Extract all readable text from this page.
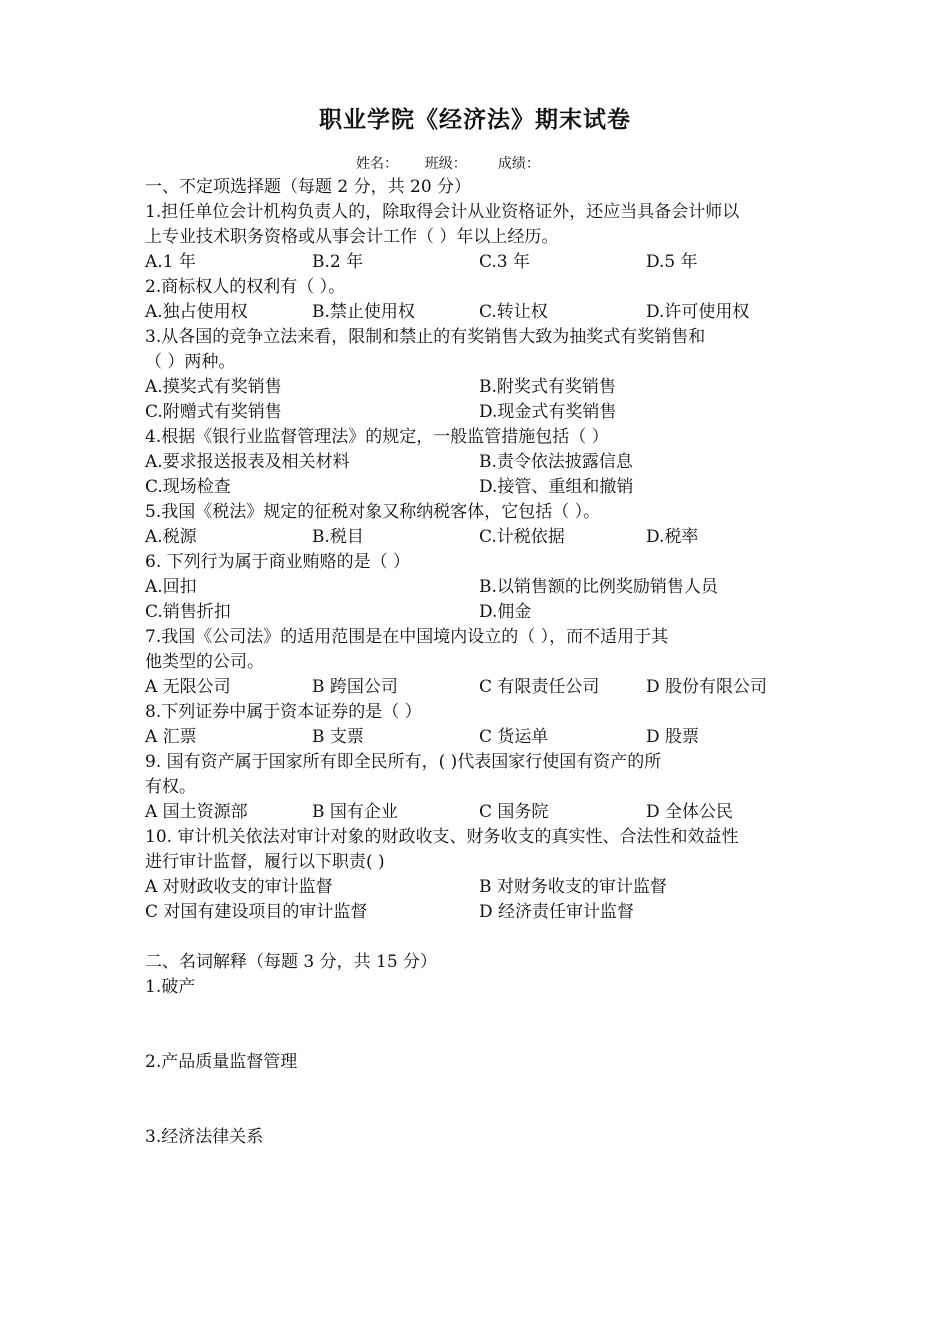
职业学院《经济法》期末试卷
姓名：      班级：       成绩：
一、不定项选择题（每题 2 分，共 20 分）
1.担任单位会计机构负责人的，除取得会计从业资格证外，还应当具备会计师以
上专业技术职务资格或从事会计工作（ ）年以上经历。
A.1 年	B.2 年	C.3 年	D.5 年
2.商标权人的权利有（ ）。
A.独占使用权	B.禁止使用权	C.转让权	D.许可使用权
3.从各国的竞争立法来看，限制和禁止的有奖销售大致为抽奖式有奖销售和
（ ）两种。
A.摸奖式有奖销售	B.附奖式有奖销售
C.附赠式有奖销售	D.现金式有奖销售
4.根据《银行业监督管理法》的规定，一般监管措施包括（ ）
A.要求报送报表及相关材料	B.责令依法披露信息
C.现场检查	D.接管、重组和撤销
5.我国《税法》规定的征税对象又称纳税客体，它包括（ ）。
A.税源	B.税目	C.计税依据	D.税率
6. 下列行为属于商业贿赂的是（ ）
A.回扣	B.以销售额的比例奖励销售人员
C.销售折扣	D.佣金
7.我国《公司法》的适用范围是在中国境内设立的（ ），而不适用于其
他类型的公司。
A 无限公司	B 跨国公司	C 有限责任公司	D 股份有限公司
8.下列证券中属于资本证券的是（ ）
A 汇票	B 支票	C 货运单	D 股票
9. 国有资产属于国家所有即全民所有，( )代表国家行使国有资产的所
有权。
A 国土资源部	B 国有企业	C 国务院	D 全体公民
10. 审计机关依法对审计对象的财政收支、财务收支的真实性、合法性和效益性
进行审计监督，履行以下职责( )
A 对财政收支的审计监督	B 对财务收支的审计监督
C 对国有建设项目的审计监督	D 经济责任审计监督
二、名词解释（每题 3 分，共 15 分）
1.破产
2.产品质量监督管理
3.经济法律关系
